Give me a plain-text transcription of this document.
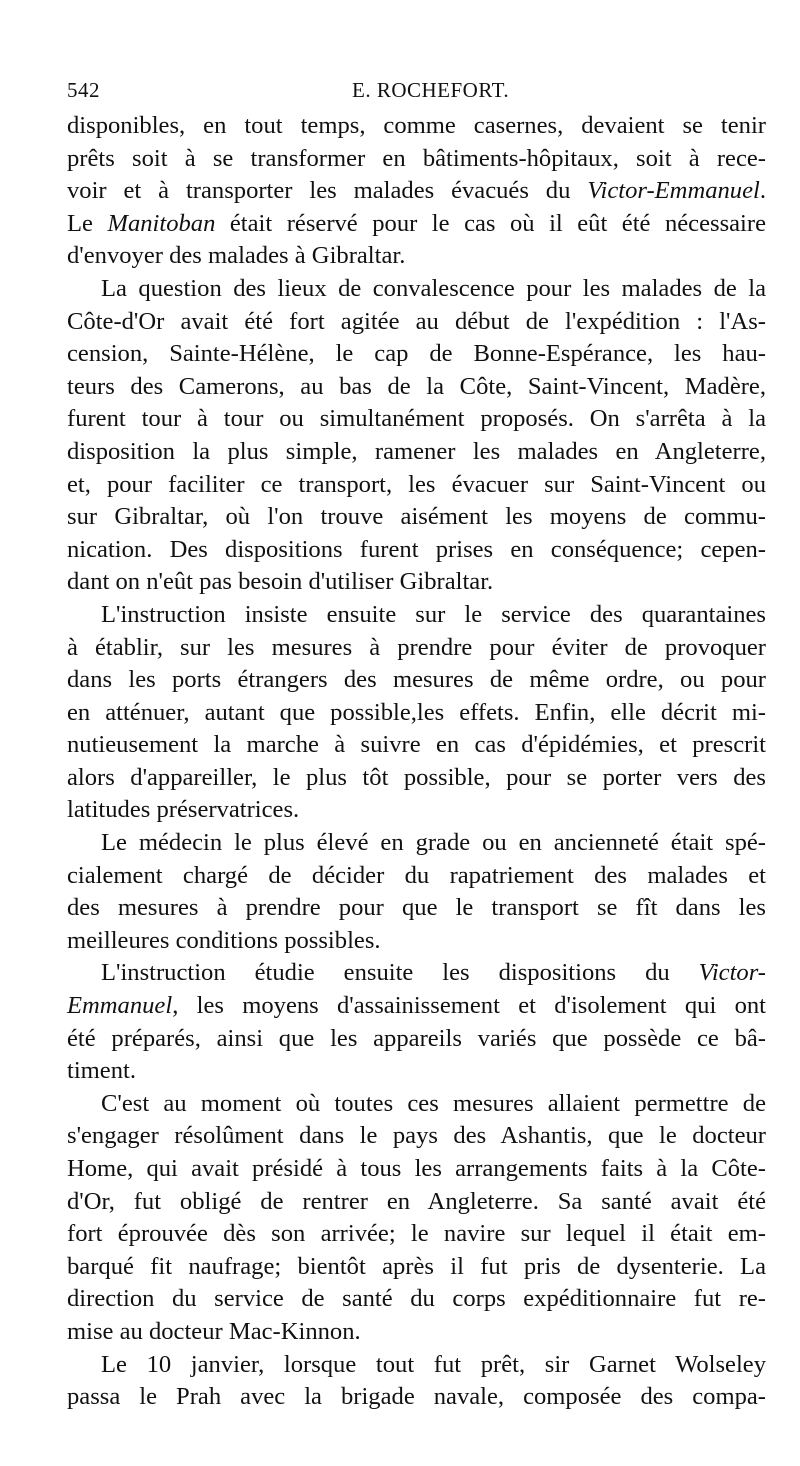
542	E. ROCHEFORT.
disponibles, en tout temps, comme casernes, devaient se tenir
prêts soit à se transformer en bâtiments-hôpitaux, soit à rece-
voir et à transporter les malades évacués du Victor-Emmanuel.
Le Manitoban était réservé pour le cas où il eût été nécessaire
d'envoyer des malades à Gibraltar.
La question des lieux de convalescence pour les malades de la
Côte-d'Or avait été fort agitée au début de l'expédition : l'As-
cension, Sainte-Hélène, le cap de Bonne-Espérance, les hau-
teurs des Camerons, au bas de la Côte, Saint-Vincent, Madère,
furent tour à tour ou simultanément proposés. On s'arrêta à la
disposition la plus simple, ramener les malades en Angleterre,
et, pour faciliter ce transport, les évacuer sur Saint-Vincent ou
sur Gibraltar, où l'on trouve aisément les moyens de commu-
nication. Des dispositions furent prises en conséquence; cepen-
dant on n'eût pas besoin d'utiliser Gibraltar.
L'instruction insiste ensuite sur le service des quarantaines
à établir, sur les mesures à prendre pour éviter de provoquer
dans les ports étrangers des mesures de même ordre, ou pour
en atténuer, autant que possible,les effets. Enfin, elle décrit mi-
nutieusement la marche à suivre en cas d'épidémies, et prescrit
alors d'appareiller, le plus tôt possible, pour se porter vers des
latitudes préservatrices.
Le médecin le plus élevé en grade ou en ancienneté était spé-
cialement chargé de décider du rapatriement des malades et
des mesures à prendre pour que le transport se fît dans les
meilleures conditions possibles.
L'instruction étudie ensuite les dispositions du Victor-
Emmanuel, les moyens d'assainissement et d'isolement qui ont
été préparés, ainsi que les appareils variés que possède ce bâ-
timent.
C'est au moment où toutes ces mesures allaient permettre de
s'engager résolûment dans le pays des Ashantis, que le docteur
Home, qui avait présidé à tous les arrangements faits à la Côte-
d'Or, fut obligé de rentrer en Angleterre. Sa santé avait été
fort éprouvée dès son arrivée; le navire sur lequel il était em-
barqué fit naufrage; bientôt après il fut pris de dysenterie. La
direction du service de santé du corps expéditionnaire fut re-
mise au docteur Mac-Kinnon.
Le 10 janvier, lorsque tout fut prêt, sir Garnet Wolseley
passa le Prah avec la brigade navale, composée des compa-
